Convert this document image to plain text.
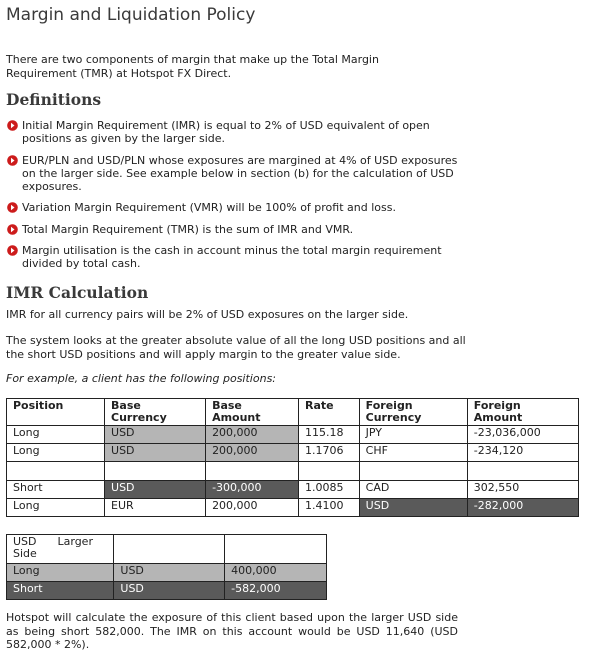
Margin and Liquidation Policy
There are two components of margin that make up the Total Margin Requirement (TMR) at Hotspot FX Direct.
Definitions
Initial Margin Requirement (IMR) is equal to 2% of USD equivalent of open positions as given by the larger side.
EUR/PLN and USD/PLN whose exposures are margined at 4% of USD exposures on the larger side. See example below in section (b) for the calculation of USD exposures.
Variation Margin Requirement (VMR) will be 100% of profit and loss.
Total Margin Requirement (TMR) is the sum of IMR and VMR.
Margin utilisation is the cash in account minus the total margin requirement divided by total cash.
IMR Calculation

IMR for all currency pairs will be 2% of USD exposures on the larger side.

The system looks at the greater absolute value of all the long USD positions and all the short USD positions and will apply margin to the greater value side.

For example, a client has the following positions:

Position	Base Currency	Base Amount	Rate	Foreign Currency	Foreign Amount
Long	USD	200,000	115.18	JPY	-23,036,000
Long	USD	200,000	1.1706	CHF	-234,120

Short	USD	-300,000	1.0085	CAD	302,550
Long	EUR	200,000	1.4100	USD	-282,000
USD Larger
Side		
Long	USD	400,000
Short	USD	-582,000

Hotspot will calculate the exposure of this client based upon the larger USD side as being short 582,000. The IMR on this account would be USD 11,640 (USD 582,000 * 2%).
